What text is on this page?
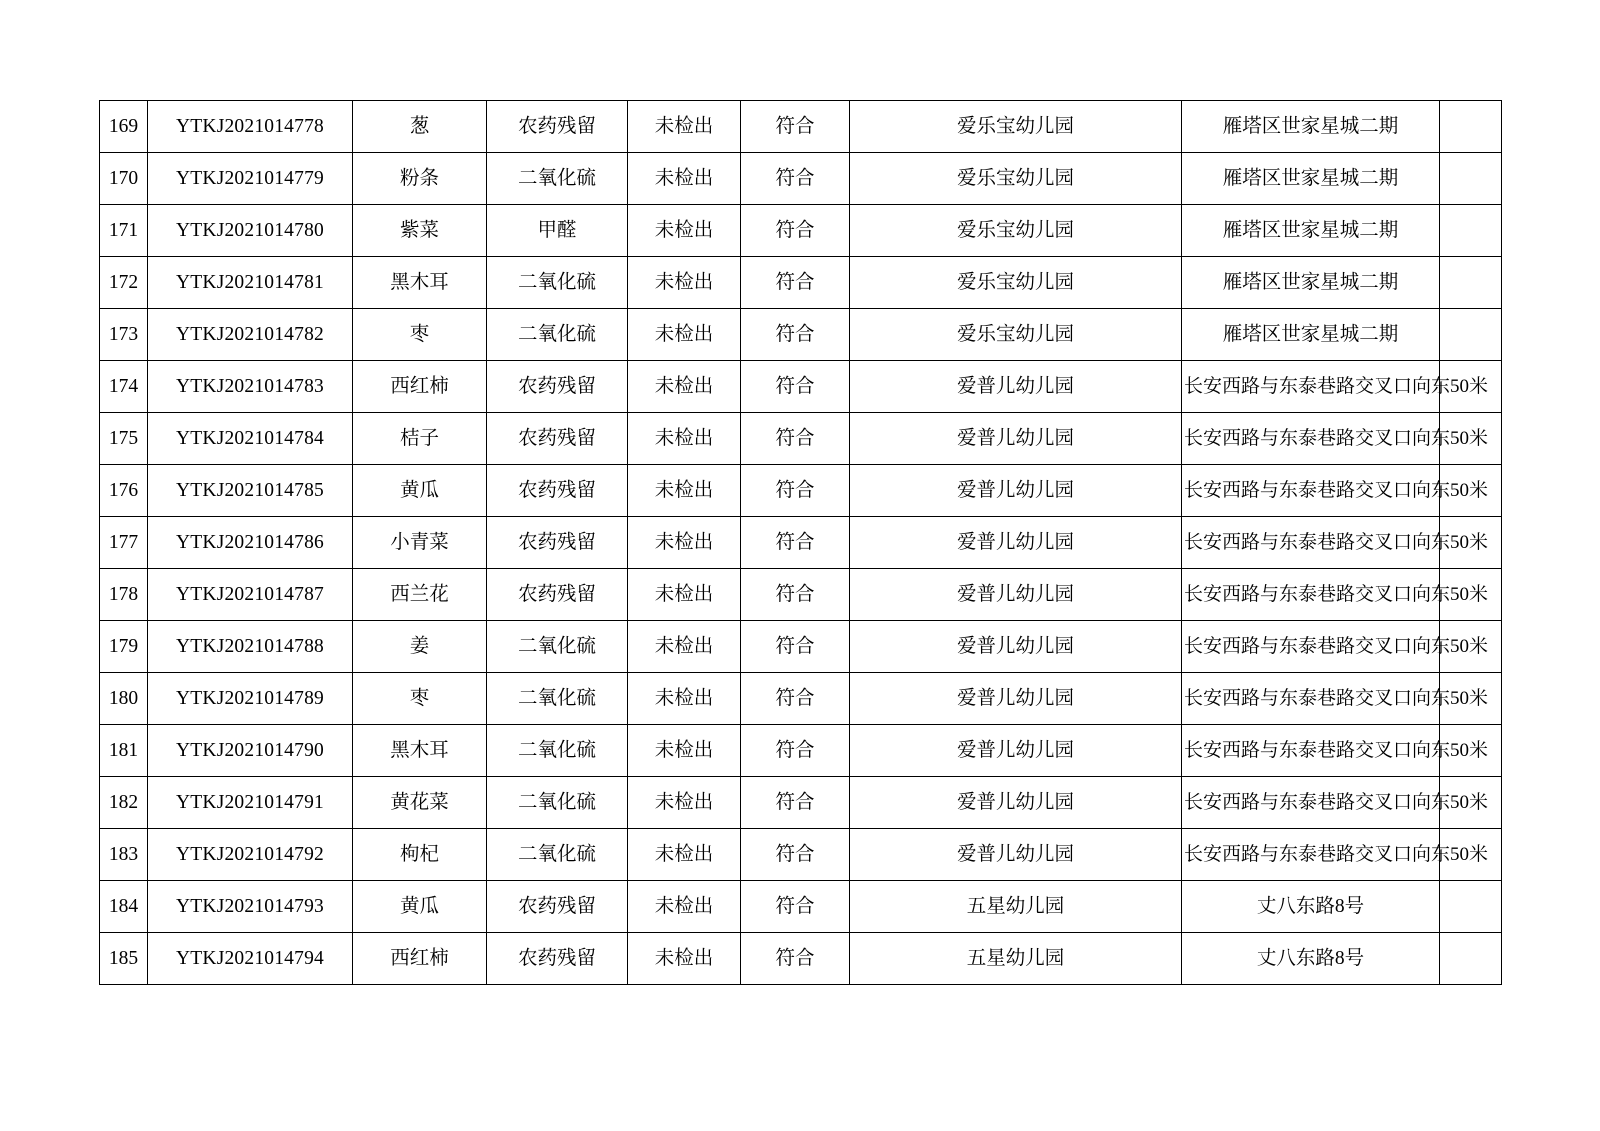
169	YTKJ2021014778	葱	农药残留	未检出	符合	爱乐宝幼儿园	雁塔区世家星城二期	
170	YTKJ2021014779	粉条	二氧化硫	未检出	符合	爱乐宝幼儿园	雁塔区世家星城二期	
171	YTKJ2021014780	紫菜	甲醛	未检出	符合	爱乐宝幼儿园	雁塔区世家星城二期	
172	YTKJ2021014781	黑木耳	二氧化硫	未检出	符合	爱乐宝幼儿园	雁塔区世家星城二期	
173	YTKJ2021014782	枣	二氧化硫	未检出	符合	爱乐宝幼儿园	雁塔区世家星城二期	
174	YTKJ2021014783	西红柿	农药残留	未检出	符合	爱普儿幼儿园	长安西路与东泰巷路交叉口向东50米	
175	YTKJ2021014784	桔子	农药残留	未检出	符合	爱普儿幼儿园	长安西路与东泰巷路交叉口向东50米	
176	YTKJ2021014785	黄瓜	农药残留	未检出	符合	爱普儿幼儿园	长安西路与东泰巷路交叉口向东50米	
177	YTKJ2021014786	小青菜	农药残留	未检出	符合	爱普儿幼儿园	长安西路与东泰巷路交叉口向东50米	
178	YTKJ2021014787	西兰花	农药残留	未检出	符合	爱普儿幼儿园	长安西路与东泰巷路交叉口向东50米	
179	YTKJ2021014788	姜	二氧化硫	未检出	符合	爱普儿幼儿园	长安西路与东泰巷路交叉口向东50米	
180	YTKJ2021014789	枣	二氧化硫	未检出	符合	爱普儿幼儿园	长安西路与东泰巷路交叉口向东50米	
181	YTKJ2021014790	黑木耳	二氧化硫	未检出	符合	爱普儿幼儿园	长安西路与东泰巷路交叉口向东50米	
182	YTKJ2021014791	黄花菜	二氧化硫	未检出	符合	爱普儿幼儿园	长安西路与东泰巷路交叉口向东50米	
183	YTKJ2021014792	枸杞	二氧化硫	未检出	符合	爱普儿幼儿园	长安西路与东泰巷路交叉口向东50米	
184	YTKJ2021014793	黄瓜	农药残留	未检出	符合	五星幼儿园	丈八东路8号	
185	YTKJ2021014794	西红柿	农药残留	未检出	符合	五星幼儿园	丈八东路8号	
